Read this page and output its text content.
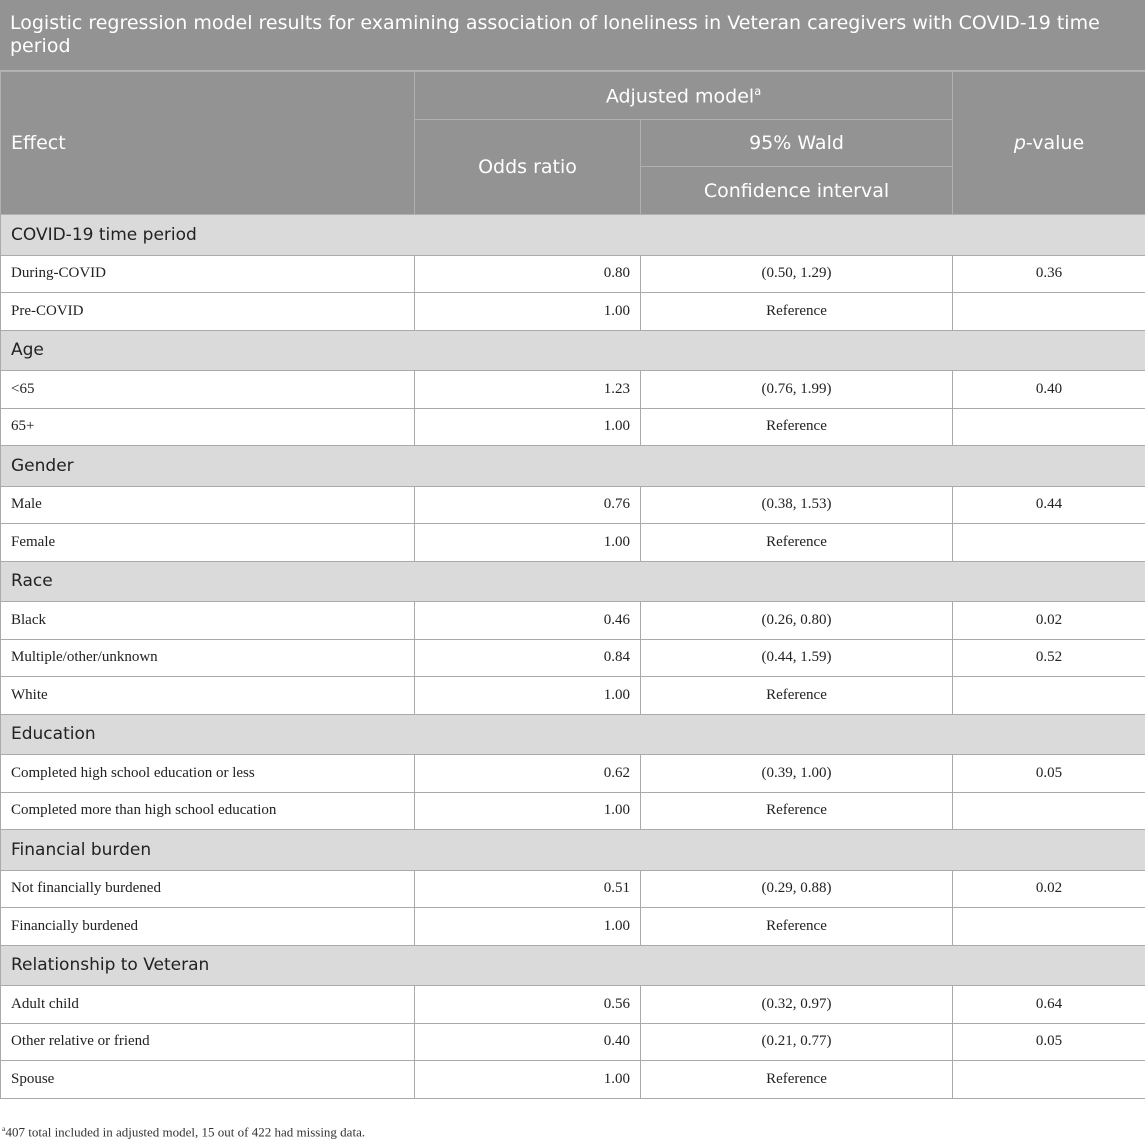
Logistic regression model results for examining association of loneliness in Veteran caregivers with COVID-19 time period
Effect	Adjusted model$^a$		p-value
	Odds ratio	95% Wald	
		Confidence interval	
COVID-19 time period			
During-COVID	0.80	(0.50, 1.29)	0.36
Pre-COVID	1.00	Reference	
Age			
<65	1.23	(0.76, 1.99)	0.40
65+	1.00	Reference	
Gender			
Male	0.76	(0.38, 1.53)	0.44
Female	1.00	Reference	
Race			
Black	0.46	(0.26, 0.80)	0.02
Multiple/other/unknown	0.84	(0.44, 1.59)	0.52
White	1.00	Reference	
Education			
Completed high school education or less	0.62	(0.39, 1.00)	0.05
Completed more than high school education	1.00	Reference	
Financial burden			
Not financially burdened	0.51	(0.29, 0.88)	0.02
Financially burdened	1.00	Reference	
Relationship to Veteran			
Adult child	0.56	(0.32, 0.97)	0.64
Other relative or friend	0.40	(0.21, 0.77)	0.05
Spouse	1.00	Reference	
$^a$407 total included in adjusted model, 15 out of 422 had missing data.
